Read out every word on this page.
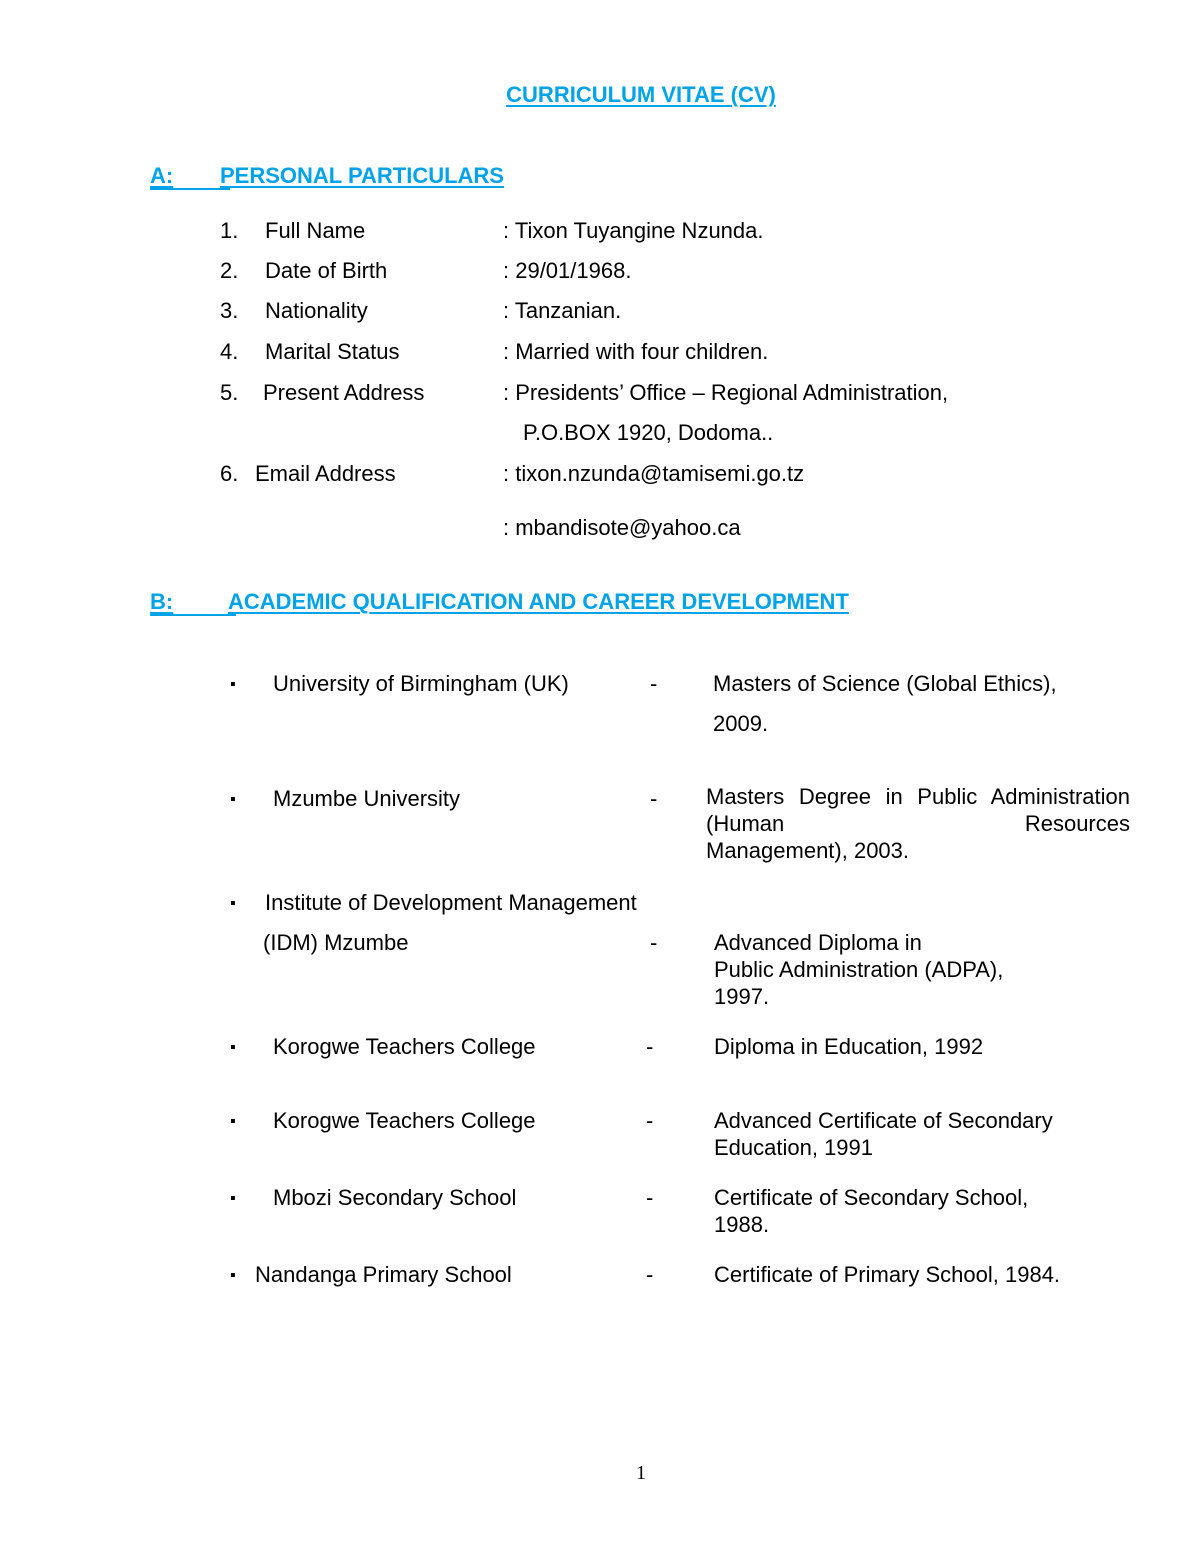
CURRICULUM VITAE (CV)
A: PERSONAL PARTICULARS
1. Full Name	: Tixon Tuyangine Nzunda.
2. Date of Birth	: 29/01/1968.
3. Nationality	: Tanzanian.
4. Marital Status	: Married with four children.
5. Present Address	: Presidents’ Office – Regional Administration,
P.O.BOX 1920, Dodoma..
6. Email Address	: tixon.nzunda@tamisemi.go.tz
: mbandisote@yahoo.ca
B: ACADEMIC QUALIFICATION AND CAREER DEVELOPMENT
▪ University of Birmingham (UK)	-	Masters of Science (Global Ethics),
2009.
▪ Mzumbe University	- Masters Degree in Public Administration (Human Resources
Management), 2003.
▪ Institute of Development Management
(IDM) Mzumbe	-	Advanced Diploma in
Public Administration (ADPA),
1997.
▪ Korogwe Teachers College	-	Diploma in Education, 1992
▪ Korogwe Teachers College	-	Advanced Certificate of Secondary
Education, 1991
▪ Mbozi Secondary School	-	Certificate of Secondary School,
1988.
▪ Nandanga Primary School	-	Certificate of Primary School, 1984.
1
